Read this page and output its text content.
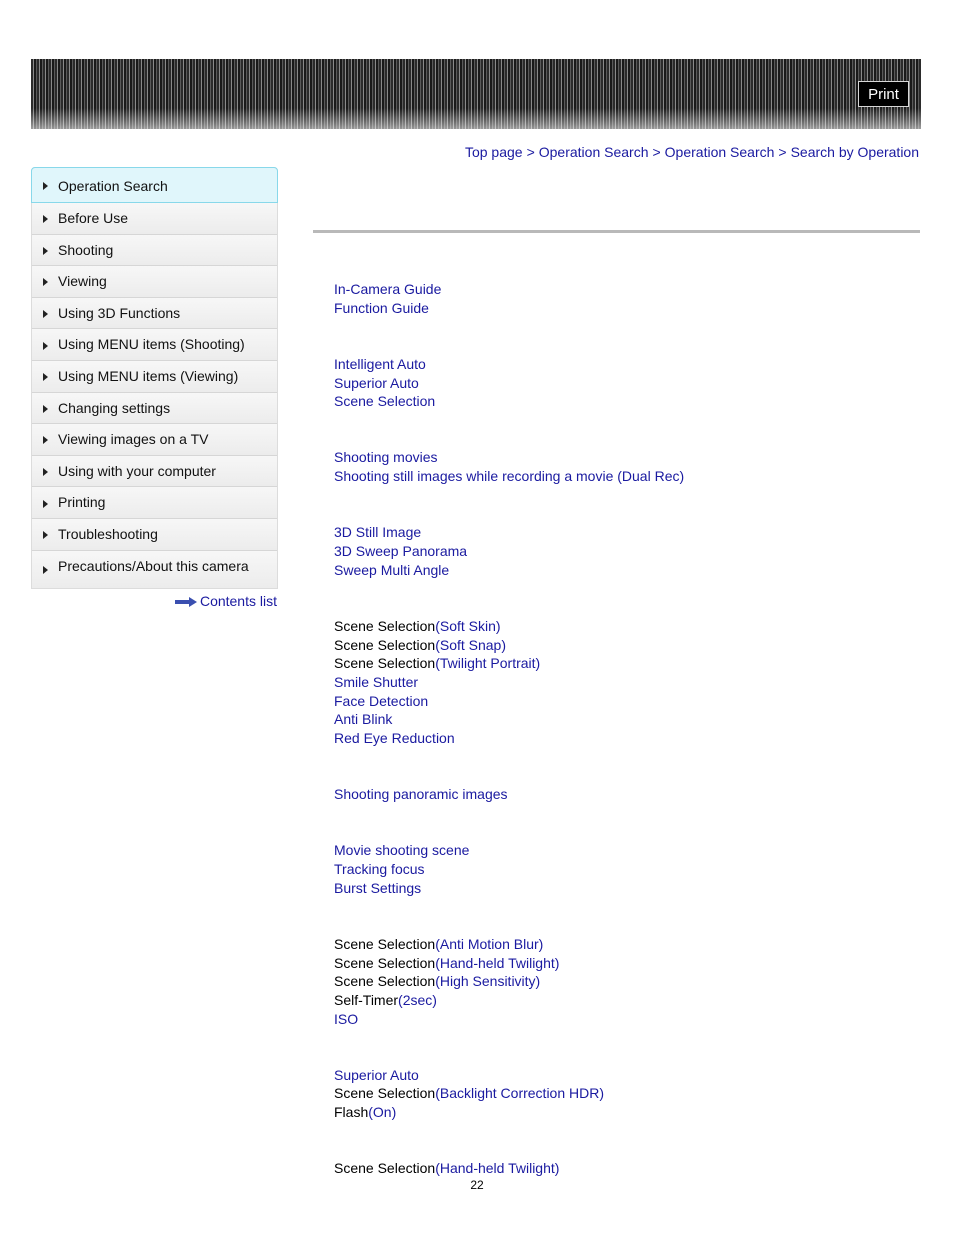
Print
Top page > Operation Search > Operation Search > Search by Operation
Operation Search
Before Use
Shooting
Viewing
Using 3D Functions
Using MENU items (Shooting)
Using MENU items (Viewing)
Changing settings
Viewing images on a TV
Using with your computer
Printing
Troubleshooting
Precautions/About this camera
Contents list
In-Camera Guide
Function Guide
Intelligent Auto
Superior Auto
Scene Selection
Shooting movies
Shooting still images while recording a movie (Dual Rec)
3D Still Image
3D Sweep Panorama
Sweep Multi Angle
Scene Selection(Soft Skin)
Scene Selection(Soft Snap)
Scene Selection(Twilight Portrait)
Smile Shutter
Face Detection
Anti Blink
Red Eye Reduction
Shooting panoramic images
Movie shooting scene
Tracking focus
Burst Settings
Scene Selection(Anti Motion Blur)
Scene Selection(Hand-held Twilight)
Scene Selection(High Sensitivity)
Self-Timer(2sec)
ISO
Superior Auto
Scene Selection(Backlight Correction HDR)
Flash(On)
Scene Selection(Hand-held Twilight)
22
